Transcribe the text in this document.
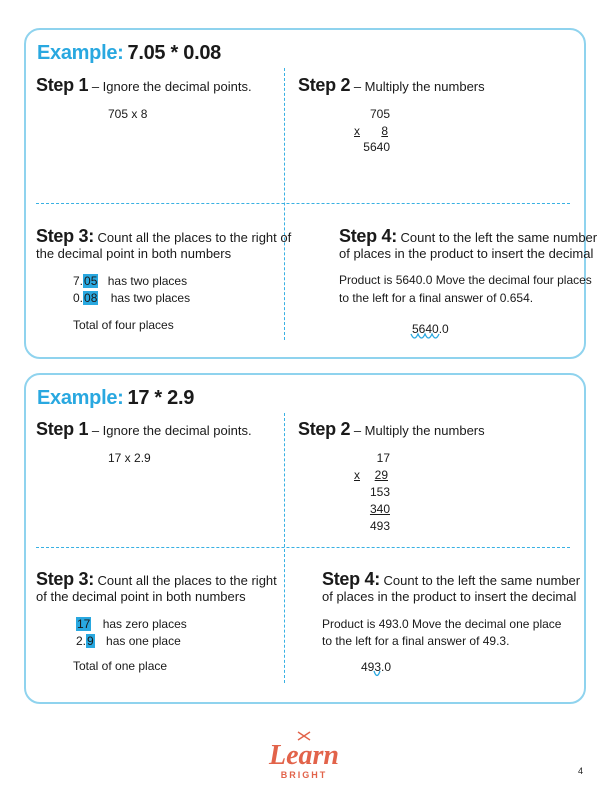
Example: 7.05 * 0.08
Step 1 – Ignore the decimal points.
705 x 8
Step 2 – Multiply the numbers
705

x 8
5640
Step 3: Count all the places to the right of
the decimal point in both numbers
7.05 has two places
0.08 has two places
Total of four places
Step 4: Count to the left the same number
of places in the product to insert the decimal
Product is 5640.0 Move the decimal four places
to the left for a final answer of 0.654.
5640.0
Example: 17 * 2.9
Step 1 – Ignore the decimal points.
17 x 2.9
Step 2 – Multiply the numbers
17
x 29
153
340
493
Step 3: Count all the places to the right
of the decimal point in both numbers
17 has zero places
2.9 has one place
Total of one place
Step 4: Count to the left the same number
of places in the product to insert the decimal
Product is 493.0 Move the decimal one place
to the left for a final answer of 49.3.
493.0
Learn
BRIGHT	4
